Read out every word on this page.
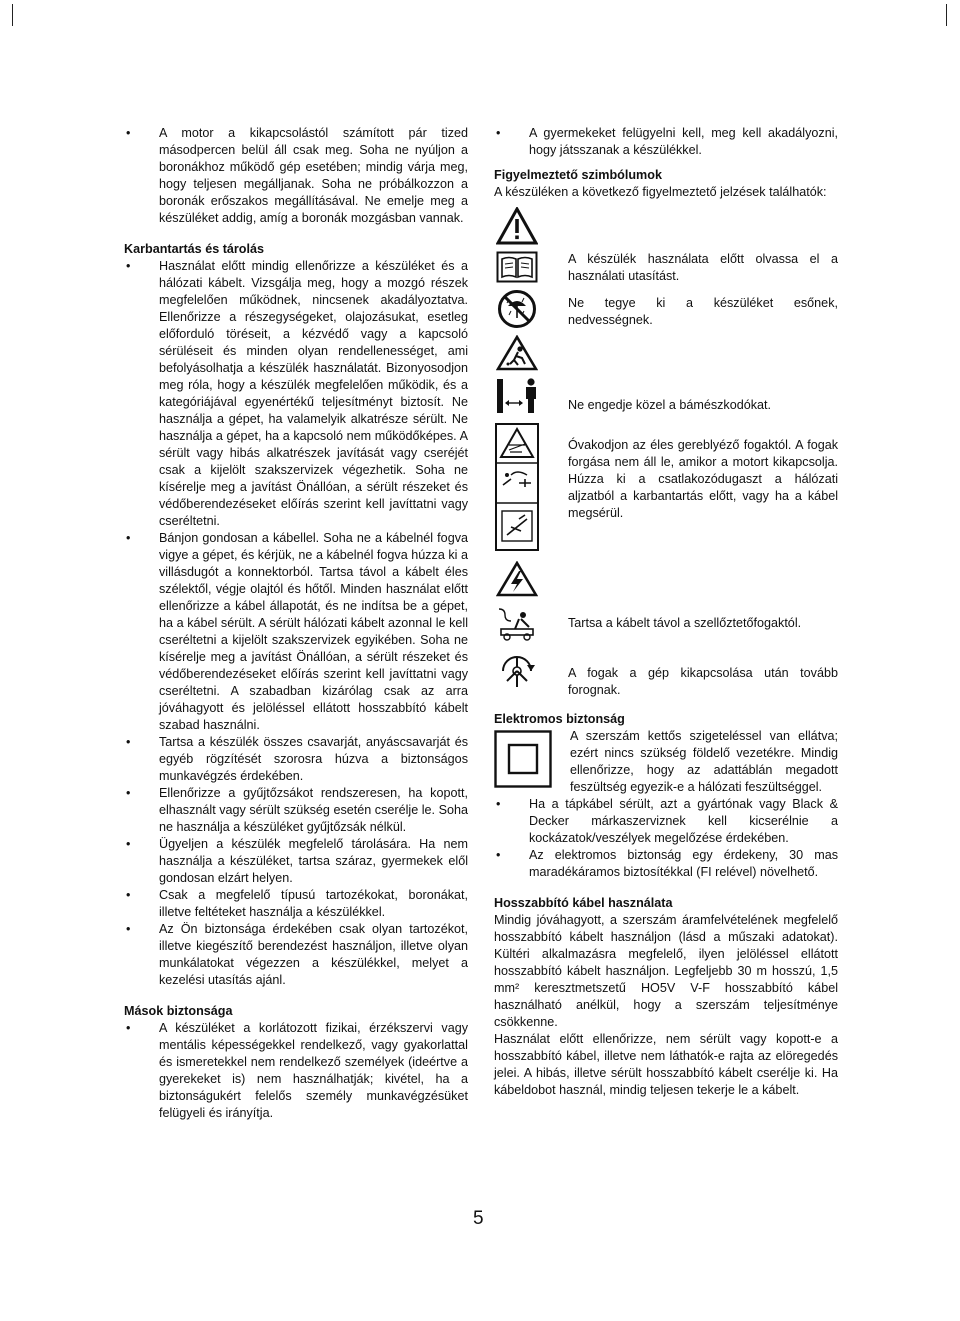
• A motor a kikapcsolástól számított pár tized másodpercen belül áll csak meg. Soha ne nyúljon a boronákhoz működő gép esetében; mindig várja meg, hogy teljesen megálljanak. Soha ne próbálkozzon a boronák erőszakos megállításával. Ne emelje meg a készüléket addig, amíg a boronák mozgásban vannak.

Karbantartás és tárolás

• Használat előtt mindig ellenőrizze a készüléket és a hálózati kábelt. Vizsgálja meg, hogy a mozgó részek megfelelően működnek, nincsenek akadályoztatva. Ellenőrizze a részegységeket, olajozásukat, esetleg előforduló töréseit, a kézvédő vagy a kapcsoló sérüléseit és minden olyan rendellenességet, ami befolyásolhatja a készülék használatát. Bizonyosodjon meg róla, hogy a készülék megfelelően működik, és a kategóriájával egyenértékű teljesítményt biztosít. Ne használja a gépet, ha valamelyik alkatrésze sérült. Ne használja a gépet, ha a kapcsoló nem működőképes. A sérült vagy hibás alkatrészek javítását vagy cseréjét csak a kijelölt szakszervizek végezhetik. Soha ne kísérelje meg a javítást Önállóan, a sérült részeket és védőberendezéseket előírás szerint kell javíttatni vagy cseréltetni.

• Bánjon gondosan a kábellel. Soha ne a kábelnél fogva vigye a gépet, és kérjük, ne a kábelnél fogva húzza ki a villásdugót a konnektorból. Tartsa távol a kábelt éles szélektől, végje olajtól és hőtől. Minden használat előtt ellenőrizze a kábel állapotát, és ne indítsa be a gépet, ha a kábel sérült. A sérült hálózati kábelt azonnal le kell cseréltetni a kijelölt szakszervizek egyikében. Soha ne kísérelje meg a javítást Önállóan, a sérült részeket és védőberendezéseket előírás szerint kell javíttatni vagy cseréltetni. A szabadban kizárólag csak az arra jóváhagyott és jelöléssel ellátott hosszabbító kábelt szabad használni.

• Tartsa a készülék összes csavarját, anyáscsavarját és egyéb rögzítését szorosra húzva a biztonságos munkavégzés érdekében.

• Ellenőrizze a gyűjtőzsákot rendszeresen, ha kopott, elhasznált vagy sérült szükség esetén cserélje le. Soha ne használja a készüléket gyűjtőzsák nélkül.

• Ügyeljen a készülék megfelelő tárolására. Ha nem használja a készüléket, tartsa száraz, gyermekek elől gondosan elzárt helyen.

• Csak a megfelelő típusú tartozékokat, boronákat, illetve feltéteket használja a készülékkel.

• Az Ön biztonsága érdekében csak olyan tartozékot, illetve kiegészítő berendezést használjon, illetve olyan munkálatokat végezzen a készülékkel, melyet a kezelési utasítás ajánl.

Mások biztonsága

• A készüléket a korlátozott fizikai, érzékszervi vagy mentális képességekkel rendelkező, vagy gyakorlattal és ismeretekkel nem rendelkező személyek (ideértve a gyerekeket is) nem használhatják; kivétel, ha a biztonságukért felelős személy munkavégzésüket felügyeli és irányítja.

• A gyermekeket felügyelni kell, meg kell akadályozni, hogy játsszanak a készülékkel.

Figyelmeztető szimbólumok

A készüléken a következő figyelmeztető jelzések találhatók:

A készülék használata előtt olvassa el a használati utasítást.

Ne tegye ki a készüléket esőnek, nedvességnek.

Ne engedje közel a bámészkodókat.

Óvakodjon az éles gereblyéző fogaktól. A fogak forgása nem áll le, amikor a motort kikapcsolja. Húzza ki a csatlakozódugaszt a hálózati aljzatból a karbantartás előtt, vagy ha a kábel megsérül.

Tartsa a kábelt távol a szellőztetőfogaktól.

A fogak a gép kikapcsolása után tovább forognak.

Elektromos biztonság

A szerszám kettős szigeteléssel van ellátva; ezért nincs szükség földelő vezetékre. Mindig ellenőrizze, hogy az adattáblán megadott feszültség egyezik-e a hálózati feszültséggel.

• Ha a tápkábel sérült, azt a gyártónak vagy Black & Decker márkaszerviznek kell kicserélnie a kockázatok/veszélyek megelőzése érdekében.

• Az elektromos biztonság egy érdekeny, 30 mas maradékáramos biztosítékkal (FI relével) növelhető.

Hosszabbító kábel használata

Mindig jóváhagyott, a szerszám áramfelvételének megfelelő hosszabbító kábelt használjon (lásd a műszaki adatokat). Kültéri alkalmazásra megfelelő, ilyen jelöléssel ellátott hosszabbító kábelt használjon. Legfeljebb 30 m hosszú, 1,5 mm² keresztmetszetű HO5V V-F hosszabbító kábel használható anélkül, hogy a szerszám teljesítménye csökkenne.

Használat előtt ellenőrizze, nem sérült vagy kopott-e a hosszabbító kábel, illetve nem láthatók-e rajta az elöregedés jelei. A hibás, illetve sérült hosszabbító kábelt cserélje ki. Ha kábeldobot használ, mindig teljesen tekerje le a kábelt.

5
